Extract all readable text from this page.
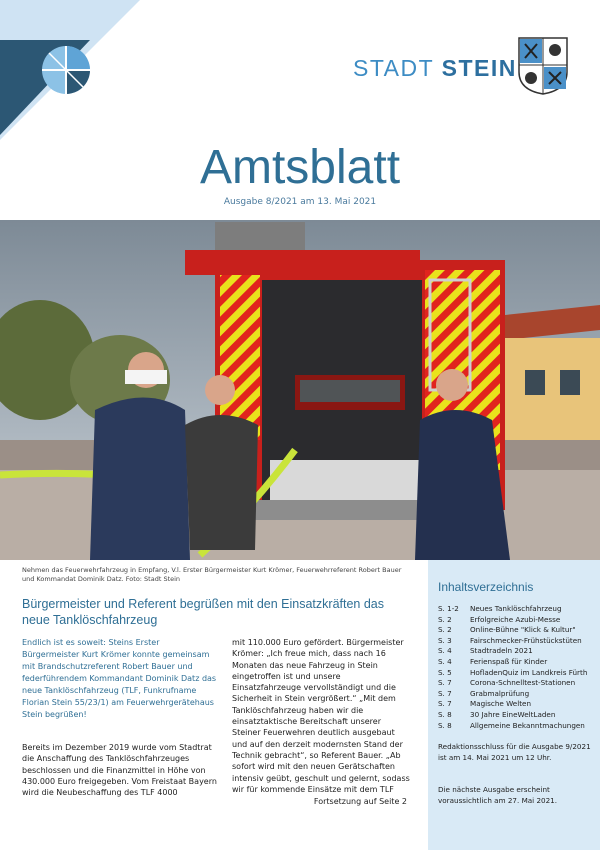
STADT STEIN
Amtsblatt
Ausgabe 8/2021 am 13. Mai 2021
Nehmen das Feuerwehrfahrzeug in Empfang, V.l. Erster Bürgermeister Kurt Krömer, Feuerwehrreferent Robert Bauer und Kommandat Dominik Datz. Foto: Stadt Stein
Bürgermeister und Referent begrüßen mit den Einsatzkräften das neue Tanklöschfahrzeug
Endlich ist es soweit: Steins Erster Bürgermeister Kurt Krömer konnte gemeinsam mit Brandschutzreferent Robert Bauer und federführendem Kommandant Dominik Datz das neue Tanklöschfahrzeug (TLF, Funkrufname Florian Stein 55/23/1) am Feuerwehrgerätehaus Stein begrüßen!
Bereits im Dezember 2019 wurde vom Stadtrat die Anschaffung des Tanklöschfahrzeuges beschlossen und die Finanzmittel in Höhe von 430.000 Euro freigegeben. Vom Freistaat Bayern wird die Neubeschaffung des TLF 4000
mit 110.000 Euro gefördert. Bürgermeister Krömer: „Ich freue mich, dass nach 16 Monaten das neue Fahrzeug in Stein eingetroffen ist und unsere Einsatzfahrzeuge vervollständigt und die Sicherheit in Stein vergrößert.“ „Mit dem Tanklöschfahrzeug haben wir die einsatztaktische Bereitschaft unserer Steiner Feuerwehren deutlich ausgebaut und auf den derzeit modernsten Stand der Technik gebracht“, so Referent Bauer. „Ab sofort wird mit den neuen Gerätschaften intensiv geübt, geschult und gelernt, sodass wir für kommende Einsätze mit dem TLF
Fortsetzung auf Seite 2
Inhaltsverzeichnis
S. 1-2	Neues Tanklöschfahrzeug
S. 2	Erfolgreiche Azubi-Messe
S. 2	Online-Bühne "Klick & Kultur"
S. 3	Fairschmecker-Frühstückstüten
S. 4	Stadtradeln 2021
S. 4	Ferienspaß für Kinder
S. 5	HofladenQuiz im Landkreis Fürth
S. 7	Corona-Schnelltest-Stationen
S. 7	Grabmalprüfung
S. 7	Magische Welten
S. 8	30 Jahre EineWeltLaden
S. 8	Allgemeine Bekanntmachungen
Redaktionsschluss für die Ausgabe 9/2021 ist am 14. Mai 2021 um 12 Uhr.
Die nächste Ausgabe erscheint voraussichtlich am 27. Mai 2021.
